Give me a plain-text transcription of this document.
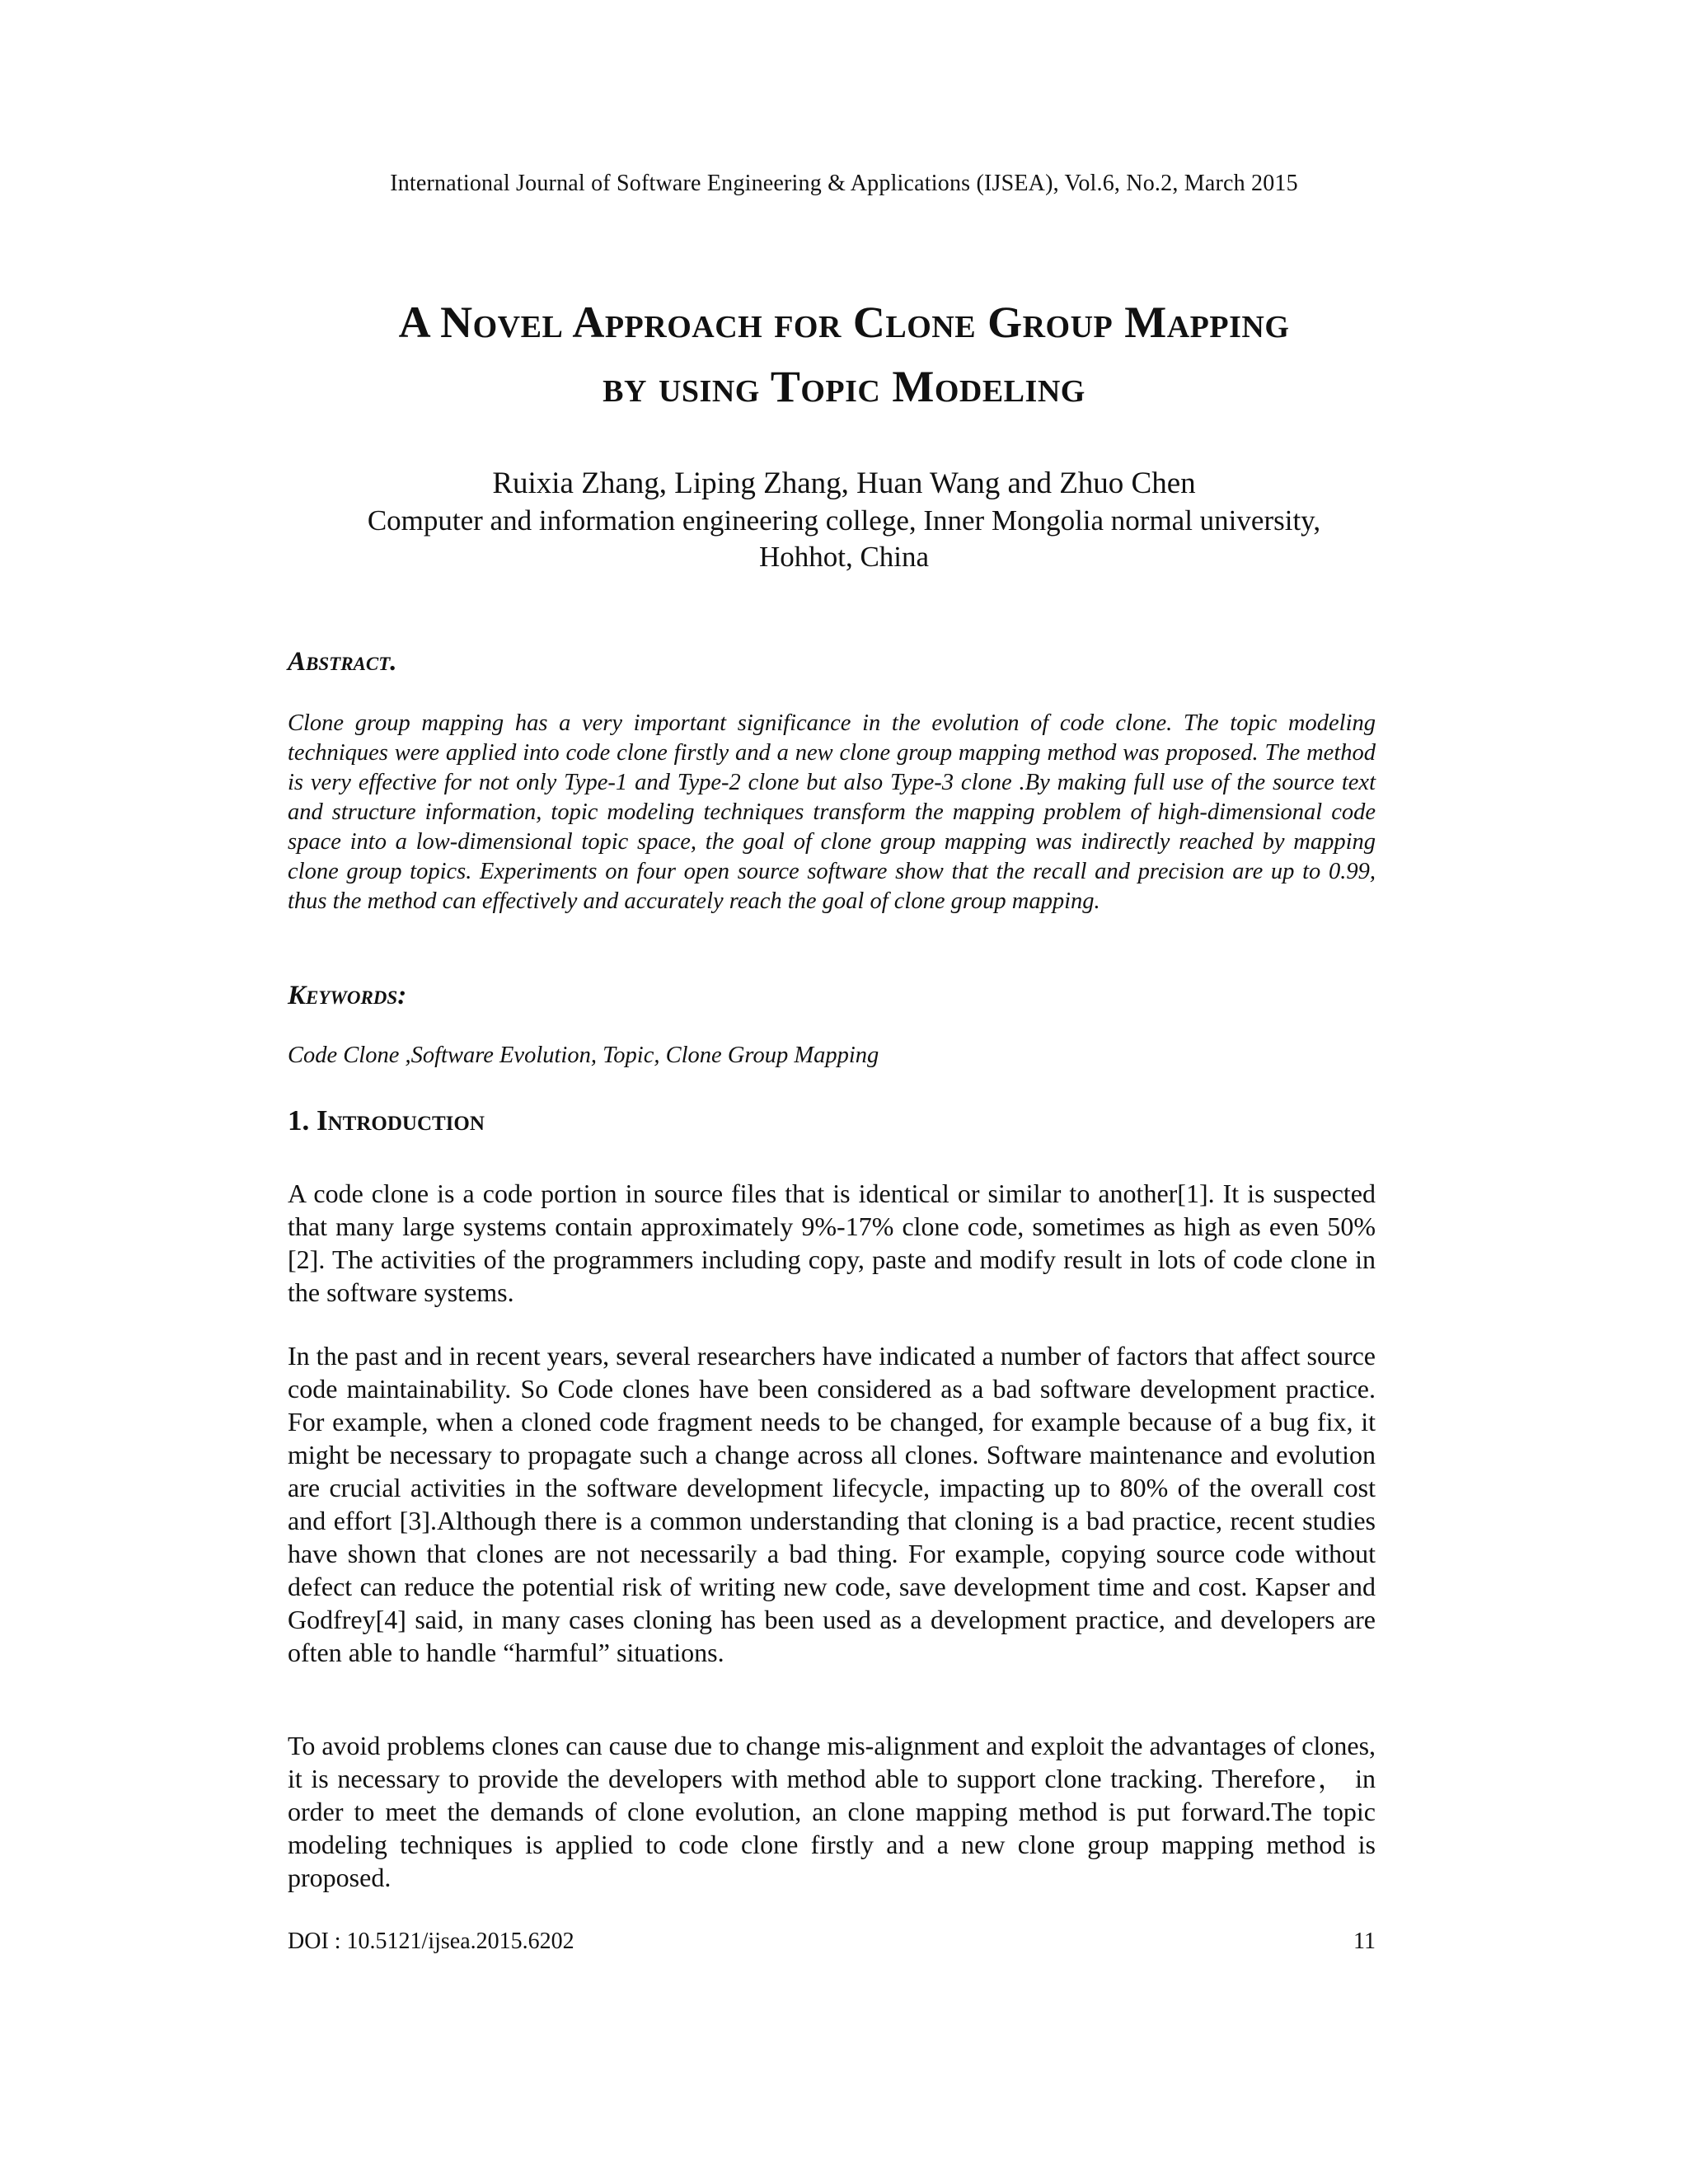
International Journal of Software Engineering & Applications (IJSEA), Vol.6, No.2, March 2015
A Novel Approach for Clone Group Mapping
by using Topic Modeling
Ruixia Zhang, Liping Zhang, Huan Wang and Zhuo Chen
Computer and information engineering college, Inner Mongolia normal university,
Hohhot, China
Abstract.
Clone group mapping has a very important significance in the evolution of code clone. The topic modeling techniques were applied into code clone firstly and a new clone group mapping method was proposed. The method is very effective for not only Type-1 and Type-2 clone but also Type-3 clone .By making full use of the source text and structure information, topic modeling techniques transform the mapping problem of high-dimensional code space into a low-dimensional topic space, the goal of clone group mapping was indirectly reached by mapping clone group topics. Experiments on four open source software show that the recall and precision are up to 0.99, thus the method can effectively and accurately reach the goal of clone group mapping.
Keywords:
Code Clone ,Software Evolution, Topic, Clone Group Mapping
1. Introduction
A code clone is a code portion in source files that is identical or similar to another[1]. It is suspected that many large systems contain approximately 9%-17% clone code, sometimes as high as even 50%[2]. The activities of the programmers including copy, paste and modify result in lots of code clone in the software systems.
In the past and in recent years, several researchers have indicated a number of factors that affect source code maintainability. So Code clones have been considered as a bad software development practice. For example, when a cloned code fragment needs to be changed, for example because of a bug fix, it might be necessary to propagate such a change across all clones. Software maintenance and evolution are crucial activities in the software development lifecycle, impacting up to 80% of the overall cost and effort [3].Although there is a common understanding that cloning is a bad practice, recent studies have shown that clones are not necessarily a bad thing. For example, copying source code without defect can reduce the potential risk of writing new code, save development time and cost. Kapser and Godfrey[4] said, in many cases cloning has been used as a development practice, and developers are often able to handle “harmful” situations.
To avoid problems clones can cause due to change mis-alignment and exploit the advantages of clones, it is necessary to provide the developers with method able to support clone tracking. Therefore， in order to meet the demands of clone evolution, an clone mapping method is put forward.The topic modeling techniques is applied to code clone firstly and a new clone group mapping method is proposed.
DOI : 10.5121/ijsea.2015.6202	11
